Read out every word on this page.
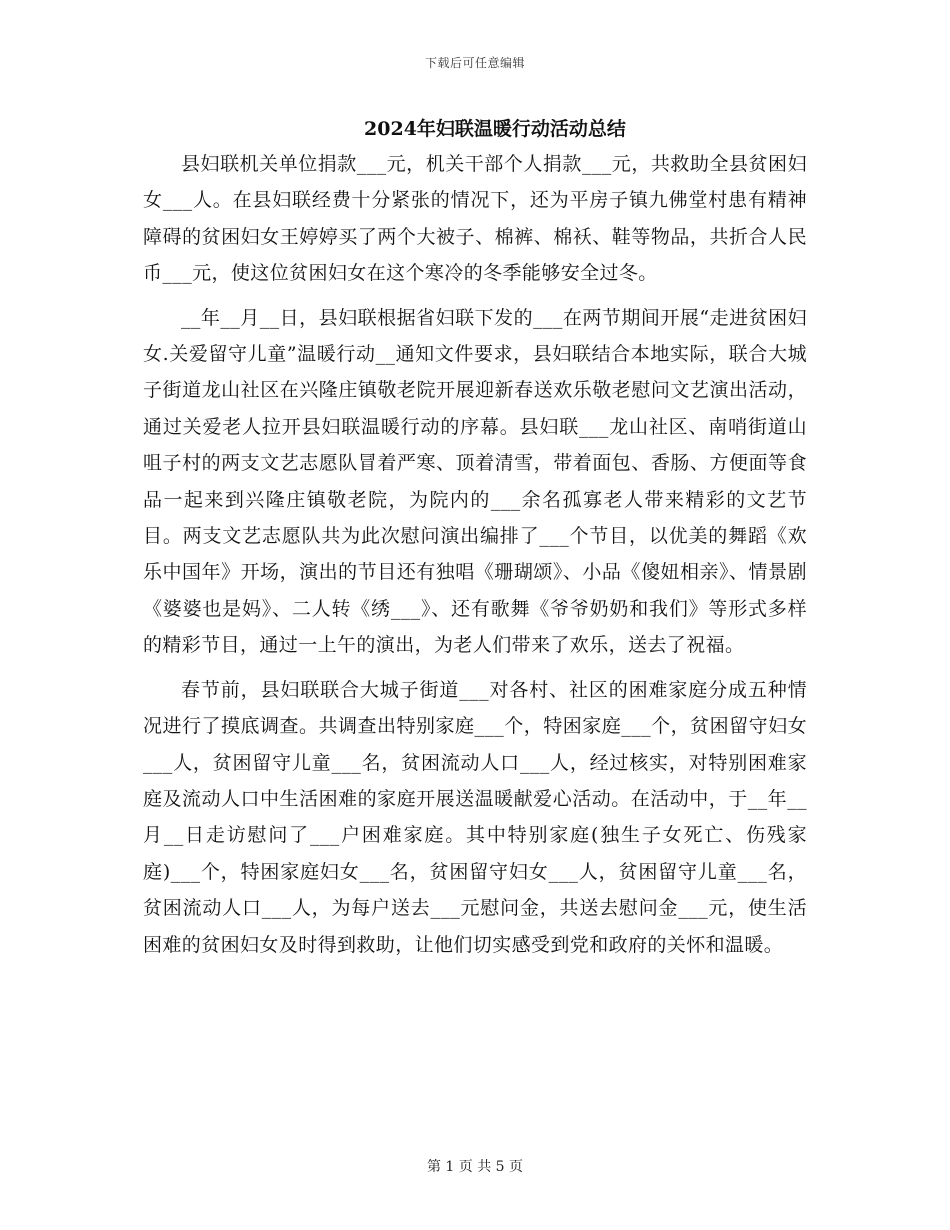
下载后可任意编辑
2024年妇联温暖行动活动总结

县妇联机关单位捐款___元，机关干部个人捐款___元，共救助全县贫困妇女___人。在县妇联经费十分紧张的情况下，还为平房子镇九佛堂村患有精神障碍的贫困妇女王婷婷买了两个大被子、棉裤、棉袄、鞋等物品，共折合人民币___元，使这位贫困妇女在这个寒冷的冬季能够安全过冬。

__年__月__日，县妇联根据省妇联下发的___在两节期间开展“走进贫困妇女.关爱留守儿童”温暖行动__通知文件要求，县妇联结合本地实际，联合大城子街道龙山社区在兴隆庄镇敬老院开展迎新春送欢乐敬老慰问文艺演出活动，通过关爱老人拉开县妇联温暖行动的序幕。县妇联___龙山社区、南哨街道山咀子村的两支文艺志愿队冒着严寒、顶着清雪，带着面包、香肠、方便面等食品一起来到兴隆庄镇敬老院，为院内的___余名孤寡老人带来精彩的文艺节目。两支文艺志愿队共为此次慰问演出编排了___个节目，以优美的舞蹈《欢乐中国年》开场，演出的节目还有独唱《珊瑚颂》、小品《傻妞相亲》、情景剧《婆婆也是妈》、二人转《绣___》、还有歌舞《爷爷奶奶和我们》等形式多样的精彩节目，通过一上午的演出，为老人们带来了欢乐，送去了祝福。

春节前，县妇联联合大城子街道___对各村、社区的困难家庭分成五种情况进行了摸底调查。共调查出特别家庭___个，特困家庭___个，贫困留守妇女___人，贫困留守儿童___名，贫困流动人口___人，经过核实，对特别困难家庭及流动人口中生活困难的家庭开展送温暖献爱心活动。在活动中，于__年__月__日走访慰问了___户困难家庭。其中特别家庭(独生子女死亡、伤残家庭)___个，特困家庭妇女___名，贫困留守妇女___人，贫困留守儿童___名，贫困流动人口___人，为每户送去___元慰问金，共送去慰问金___元，使生活困难的贫困妇女及时得到救助，让他们切实感受到党和政府的关怀和温暖。

第 1 页 共 5 页
